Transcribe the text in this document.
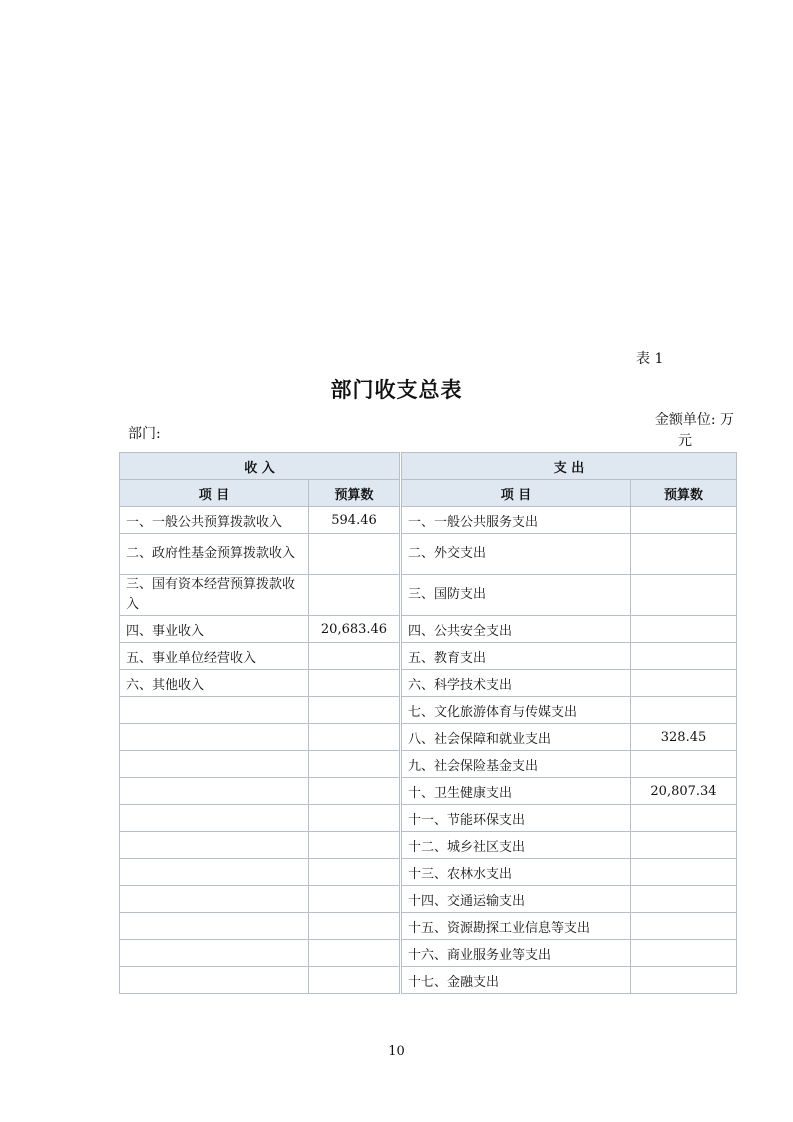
表 1
部门收支总表
部门:
金额单位: 万
元
收 入		支 出	
项 目	预算数	项 目	预算数
一、一般公共预算拨款收入	594.46	一、一般公共服务支出	
二、政府性基金预算拨款收入		二、外交支出	
三、国有资本经营预算拨款收入		三、国防支出	
四、事业收入	20,683.46	四、公共安全支出	
五、事业单位经营收入		五、教育支出	
六、其他收入		六、科学技术支出	
		七、文化旅游体育与传媒支出	
		八、社会保障和就业支出	328.45
		九、社会保险基金支出	
		十、卫生健康支出	20,807.34
		十一、节能环保支出	
		十二、城乡社区支出	
		十三、农林水支出	
		十四、交通运输支出	
		十五、资源勘探工业信息等支出	
		十六、商业服务业等支出	
		十七、金融支出	
10
